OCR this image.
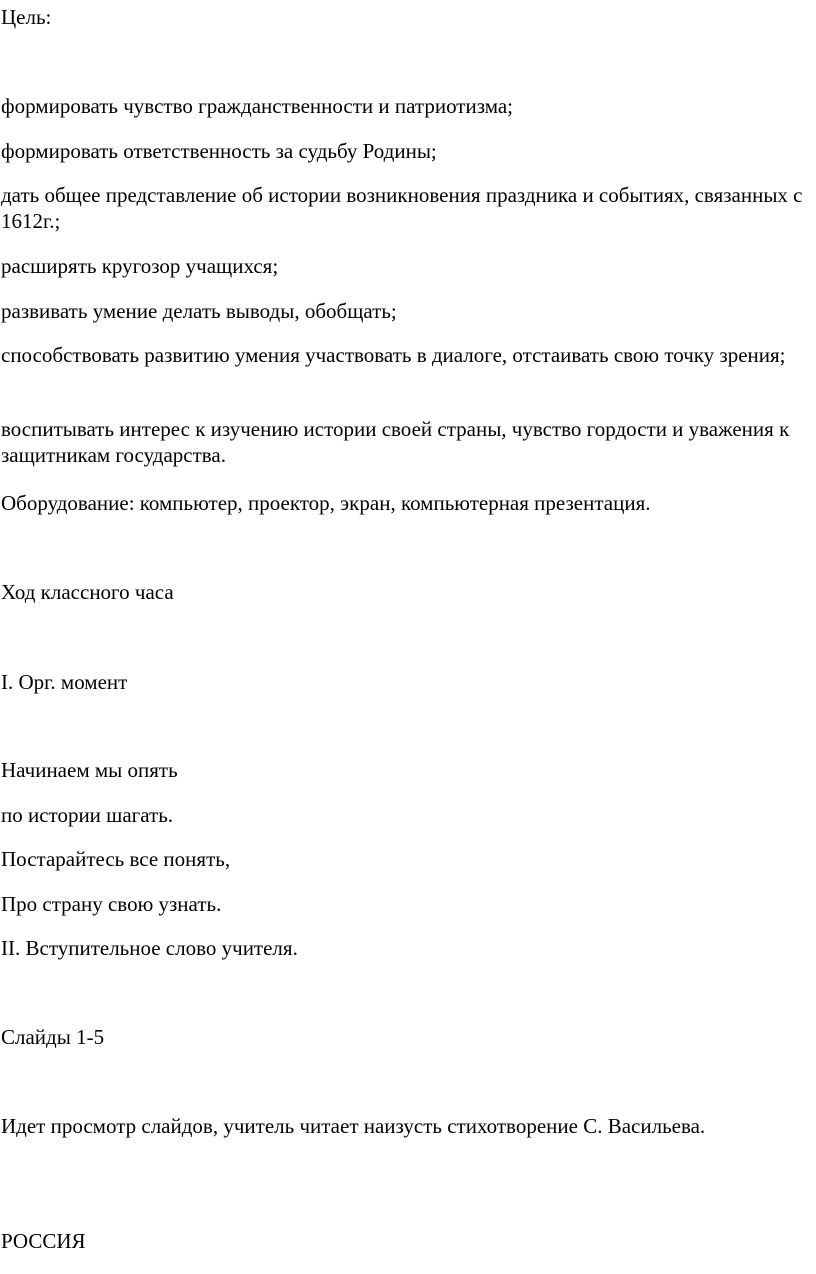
Цель:

формировать чувство гражданственности и патриотизма;

формировать ответственность за судьбу Родины;

дать общее представление об истории возникновения праздника и событиях, связанных с 1612г.;

расширять кругозор учащихся;

развивать умение делать выводы, обобщать;

способствовать развитию умения участвовать в диалоге, отстаивать свою точку зрения;

воспитывать интерес к изучению истории своей страны, чувство гордости и уважения к защитникам государства.

Оборудование: компьютер, проектор, экран, компьютерная презентация.

Ход классного часа

I. Орг. момент

Начинаем мы опять

по истории шагать.

Постарайтесь все понять,

Про страну свою узнать.

II. Вступительное слово учителя.

Слайды 1-5

Идет просмотр слайдов, учитель читает наизусть стихотворение С. Васильева.

РОССИЯ
